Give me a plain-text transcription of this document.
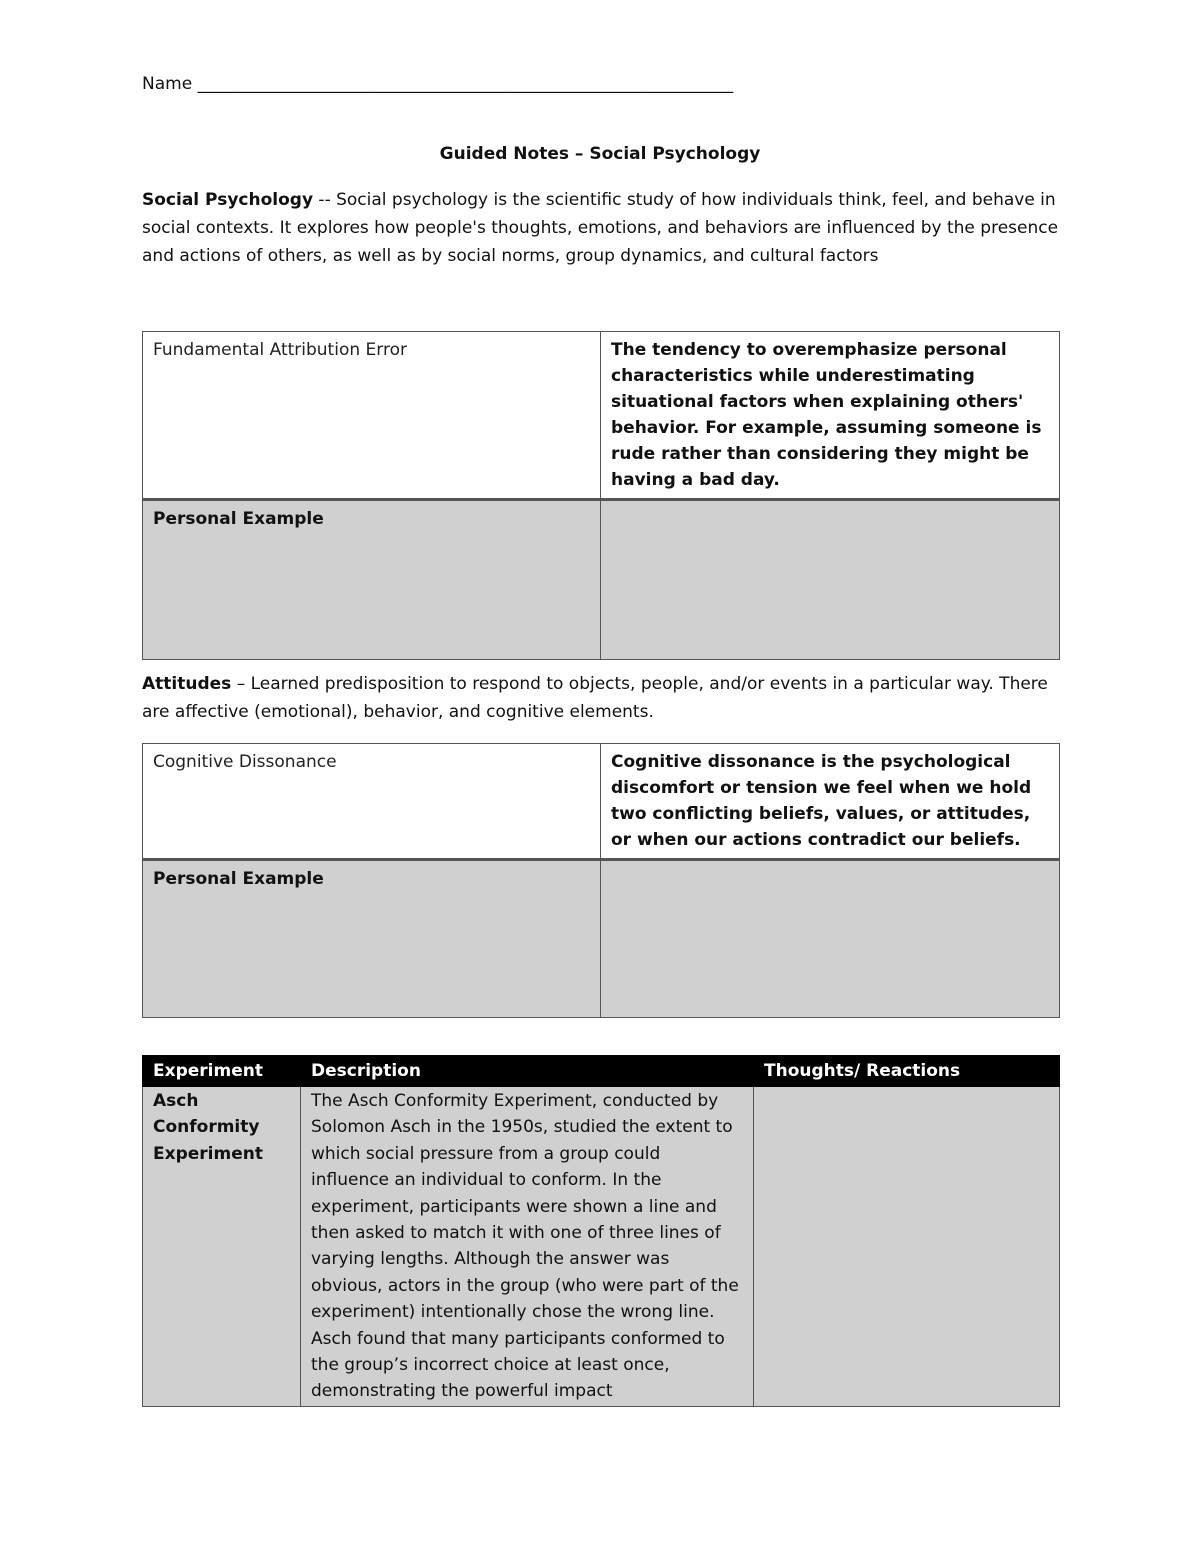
Name _______________________________________________________________
Guided Notes – Social Psychology
Social Psychology -- Social psychology is the scientific study of how individuals think, feel, and behave in social contexts. It explores how people's thoughts, emotions, and behaviors are influenced by the presence and actions of others, as well as by social norms, group dynamics, and cultural factors
Fundamental Attribution Error	The tendency to overemphasize personal characteristics while underestimating situational factors when explaining others' behavior. For example, assuming someone is rude rather than considering they might be having a bad day.
Personal Example	
Attitudes – Learned predisposition to respond to objects, people, and/or events in a particular way. There are affective (emotional), behavior, and cognitive elements.
Cognitive Dissonance	Cognitive dissonance is the psychological discomfort or tension we feel when we hold two conflicting beliefs, values, or attitudes, or when our actions contradict our beliefs.
Personal Example	
Experiment	Description	Thoughts/ Reactions
Asch Conformity Experiment	The Asch Conformity Experiment, conducted by Solomon Asch in the 1950s, studied the extent to which social pressure from a group could influence an individual to conform. In the experiment, participants were shown a line and then asked to match it with one of three lines of varying lengths. Although the answer was obvious, actors in the group (who were part of the experiment) intentionally chose the wrong line. Asch found that many participants conformed to the group’s incorrect choice at least once, demonstrating the powerful impact	
